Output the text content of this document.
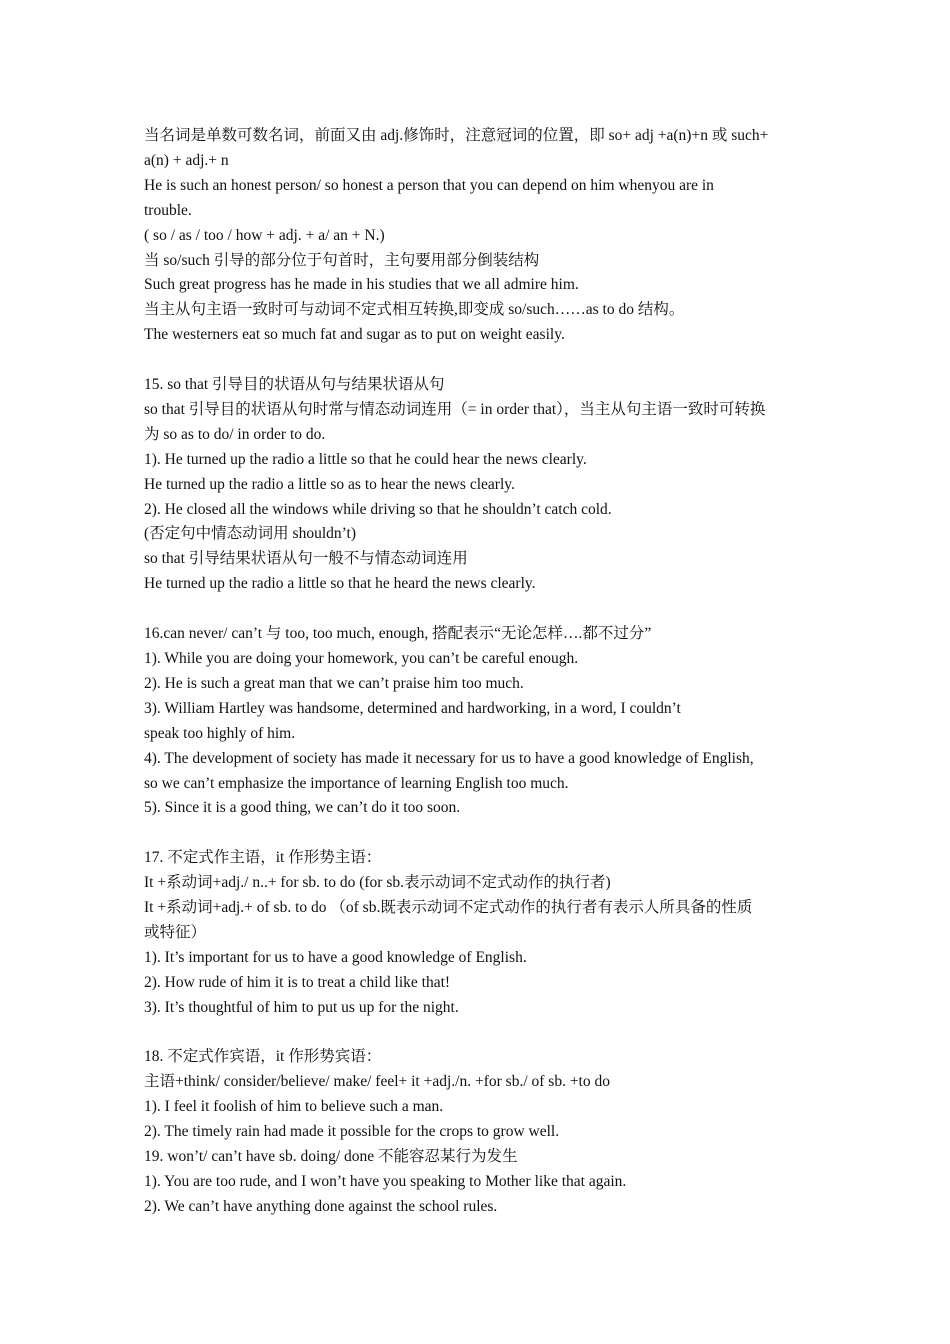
当名词是单数可数名词，前面又由 adj.修饰时，注意冠词的位置，即 so+ adj +a(n)+n 或 such+
a(n) + adj.+ n
He is such an honest person/ so honest a person that you can depend on him whenyou are in
trouble.
( so / as / too / how + adj. + a/ an + N.)
当 so/such 引导的部分位于句首时，主句要用部分倒装结构
Such great progress has he made in his studies that we all admire him.
当主从句主语一致时可与动词不定式相互转换,即变成 so/such……as to do 结构。
The westerners eat so much fat and sugar as to put on weight easily.
15. so that 引导目的状语从句与结果状语从句
so that 引导目的状语从句时常与情态动词连用（= in order that），当主从句主语一致时可转换
为 so as to do/ in order to do.
1). He turned up the radio a little so that he could hear the news clearly.
He turned up the radio a little so as to hear the news clearly.
2). He closed all the windows while driving so that he shouldn’t catch cold.
(否定句中情态动词用 shouldn’t)
so that 引导结果状语从句一般不与情态动词连用
He turned up the radio a little so that he heard the news clearly.
16.can never/ can’t 与 too, too much, enough, 搭配表示“无论怎样….都不过分”
1). While you are doing your homework, you can’t be careful enough.
2). He is such a great man that we can’t praise him too much.
3). William Hartley was handsome, determined and hardworking, in a word, I couldn’t
speak too highly of him.
4). The development of society has made it necessary for us to have a good knowledge of English,
so we can’t emphasize the importance of learning English too much.
5). Since it is a good thing, we can’t do it too soon.
17. 不定式作主语，it 作形势主语：
It +系动词+adj./ n..+ for sb. to do (for sb.表示动词不定式动作的执行者)
It +系动词+adj.+ of sb. to do （of sb.既表示动词不定式动作的执行者有表示人所具备的性质
或特征）
1). It’s important for us to have a good knowledge of English.
2). How rude of him it is to treat a child like that!
3). It’s thoughtful of him to put us up for the night.
18. 不定式作宾语，it 作形势宾语：
主语+think/ consider/believe/ make/ feel+ it +adj./n. +for sb./ of sb. +to do
1). I feel it foolish of him to believe such a man.
2). The timely rain had made it possible for the crops to grow well.
19. won’t/ can’t have sb. doing/ done 不能容忍某行为发生
1). You are too rude, and I won’t have you speaking to Mother like that again.
2). We can’t have anything done against the school rules.
